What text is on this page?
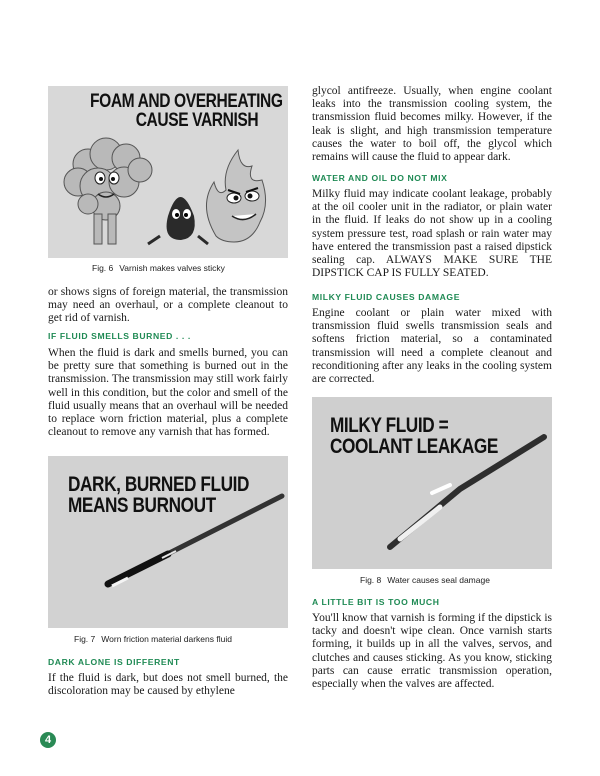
FOAM AND OVERHEATING
CAUSE VARNISH
Fig. 6 Varnish makes valves sticky

or shows signs of foreign material, the transmission may need an overhaul, or a complete cleanout to get rid of varnish.

IF FLUID SMELLS BURNED . . .

When the fluid is dark and smells burned, you can be pretty sure that something is burned out in the transmission. The transmission may still work fairly well in this condition, but the color and smell of the fluid usually means that an overhaul will be needed to replace worn friction material, plus a complete cleanout to remove any varnish that has formed.

DARK, BURNED FLUID
MEANS BURNOUT
Fig. 7 Worn friction material darkens fluid
DARK ALONE IS DIFFERENT

If the fluid is dark, but does not smell burned, the discoloration may be caused by ethylene

glycol antifreeze. Usually, when engine coolant leaks into the transmission cooling system, the transmission fluid becomes milky. However, if the leak is slight, and high transmission temperature causes the water to boil off, the glycol which remains will cause the fluid to appear dark.

WATER AND OIL DO NOT MIX

Milky fluid may indicate coolant leakage, probably at the oil cooler unit in the radiator, or plain water in the fluid. If leaks do not show up in a cooling system pressure test, road splash or rain water may have entered the transmission past a raised dipstick sealing cap. ALWAYS MAKE SURE THE DIPSTICK CAP IS FULLY SEATED.

MILKY FLUID CAUSES DAMAGE

Engine coolant or plain water mixed with transmission fluid swells transmission seals and softens friction material, so a contaminated transmission will need a complete cleanout and reconditioning after any leaks in the cooling system are corrected.

MILKY FLUID =
COOLANT LEAKAGE
Fig. 8 Water causes seal damage
A LITTLE BIT IS TOO MUCH

You'll know that varnish is forming if the dipstick is tacky and doesn't wipe clean. Once varnish starts forming, it builds up in all the valves, servos, and clutches and causes sticking. As you know, sticking parts can cause erratic transmission operation, especially when the valves are affected.

4
